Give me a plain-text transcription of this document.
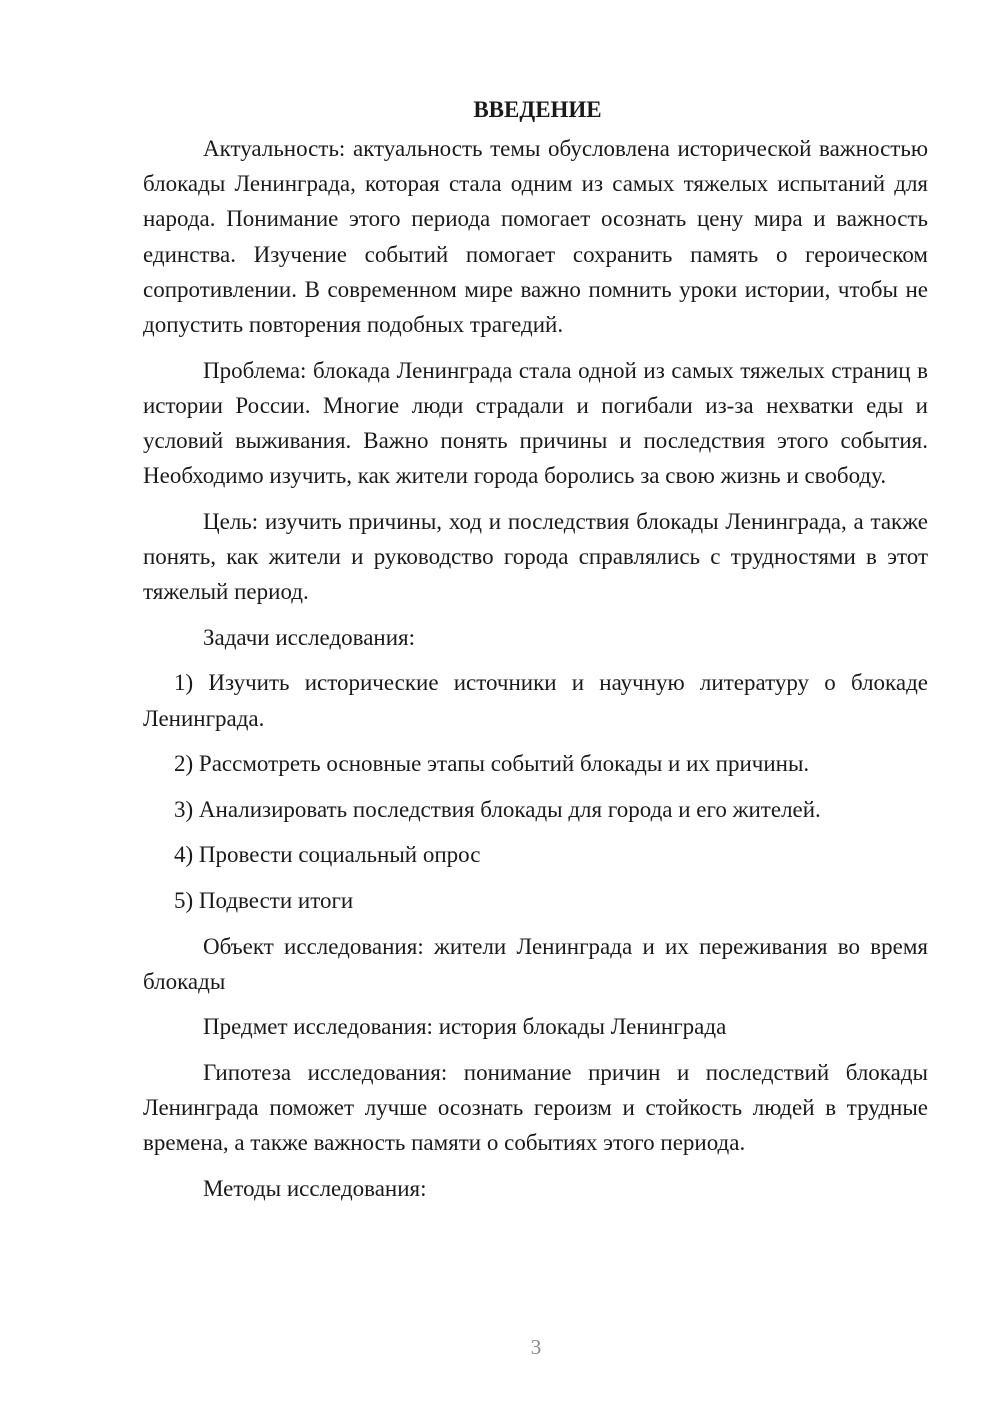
ВВЕДЕНИЕ

Актуальность: актуальность темы обусловлена исторической важностью блокады Ленинграда, которая стала одним из самых тяжелых испытаний для народа. Понимание этого периода помогает осознать цену мира и важность единства. Изучение событий помогает сохранить память о героическом сопротивлении. В современном мире важно помнить уроки истории, чтобы не допустить повторения подобных трагедий.

Проблема: блокада Ленинграда стала одной из самых тяжелых страниц в истории России. Многие люди страдали и погибали из-за нехватки еды и условий выживания. Важно понять причины и последствия этого события. Необходимо изучить, как жители города боролись за свою жизнь и свободу.

Цель: изучить причины, ход и последствия блокады Ленинграда, а также понять, как жители и руководство города справлялись с трудностями в этот тяжелый период.

Задачи исследования:

1) Изучить исторические источники и научную литературу о блокаде Ленинграда.

2) Рассмотреть основные этапы событий блокады и их причины.

3) Анализировать последствия блокады для города и его жителей.

4) Провести социальный опрос

5) Подвести итоги

Объект исследования: жители Ленинграда и их переживания во время блокады

Предмет исследования: история блокады Ленинграда

Гипотеза исследования: понимание причин и последствий блокады Ленинграда поможет лучше осознать героизм и стойкость людей в трудные времена, а также важность памяти о событиях этого периода.

Методы исследования:

3
